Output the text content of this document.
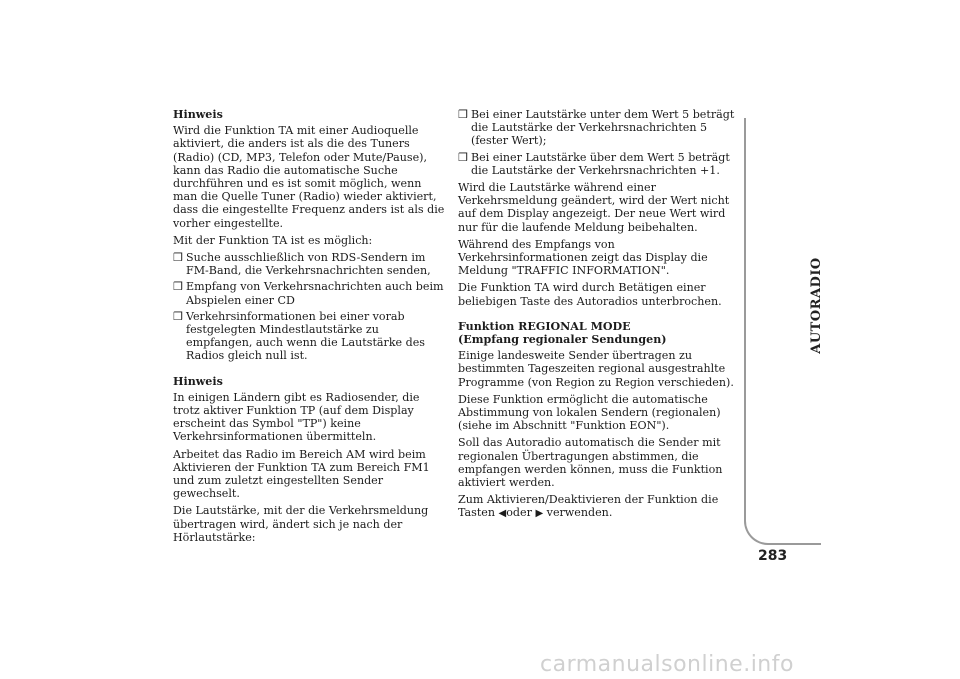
Hinweis

Wird die Funktion TA mit einer Audioquelle aktiviert, die anders ist als die des Tuners (Radio) (CD, MP3, Telefon oder Mute/Pause), kann das Radio die automatische Suche durchführen und es ist somit möglich, wenn man die Quelle Tuner (Radio) wieder aktiviert, dass die eingestellte Frequenz anders ist als die vorher eingestellte.

Mit der Funktion TA ist es möglich:

❒ Suche ausschließlich von RDS-Sendern im FM-Band, die Verkehrsnachrichten senden,
❒ Empfang von Verkehrsnachrichten auch beim Abspielen einer CD
❒ Verkehrsinformationen bei einer vorab festgelegten Mindestlautstärke zu empfangen, auch wenn die Lautstärke des Radios gleich null ist.
Hinweis

In einigen Ländern gibt es Radiosender, die trotz aktiver Funktion TP (auf dem Display erscheint das Symbol "TP") keine Verkehrsinformationen übermitteln.

Arbeitet das Radio im Bereich AM wird beim Aktivieren der Funktion TA zum Bereich FM1 und zum zuletzt eingestellten Sender gewechselt.

Die Lautstärke, mit der die Verkehrsmeldung übertragen wird, ändert sich je nach der Hörlautstärke:

❒ Bei einer Lautstärke unter dem Wert 5 beträgt die Lautstärke der Verkehrsnachrichten 5 (fester Wert);
❒ Bei einer Lautstärke über dem Wert 5 beträgt die Lautstärke der Verkehrsnachrichten +1.

Wird die Lautstärke während einer Verkehrsmeldung geändert, wird der Wert nicht auf dem Display angezeigt. Der neue Wert wird nur für die laufende Meldung beibehalten.

Während des Empfangs von Verkehrsinformationen zeigt das Display die Meldung "TRAFFIC INFORMATION".

Die Funktion TA wird durch Betätigen einer beliebigen Taste des Autoradios unterbrochen.

Funktion REGIONAL MODE
(Empfang regionaler Sendungen)

Einige landesweite Sender übertragen zu bestimmten Tageszeiten regional ausgestrahlte Programme (von Region zu Region verschieden).

Diese Funktion ermöglicht die automatische Abstimmung von lokalen Sendern (regionalen) (siehe im Abschnitt "Funktion EON").

Soll das Autoradio automatisch die Sender mit regionalen Übertragungen abstimmen, die empfangen werden können, muss die Funktion aktiviert werden.

Zum Aktivieren/Deaktivieren der Funktion die Tasten ◀oder ▶ verwenden.

AUTORADIO
283
carmanualsonline.info
